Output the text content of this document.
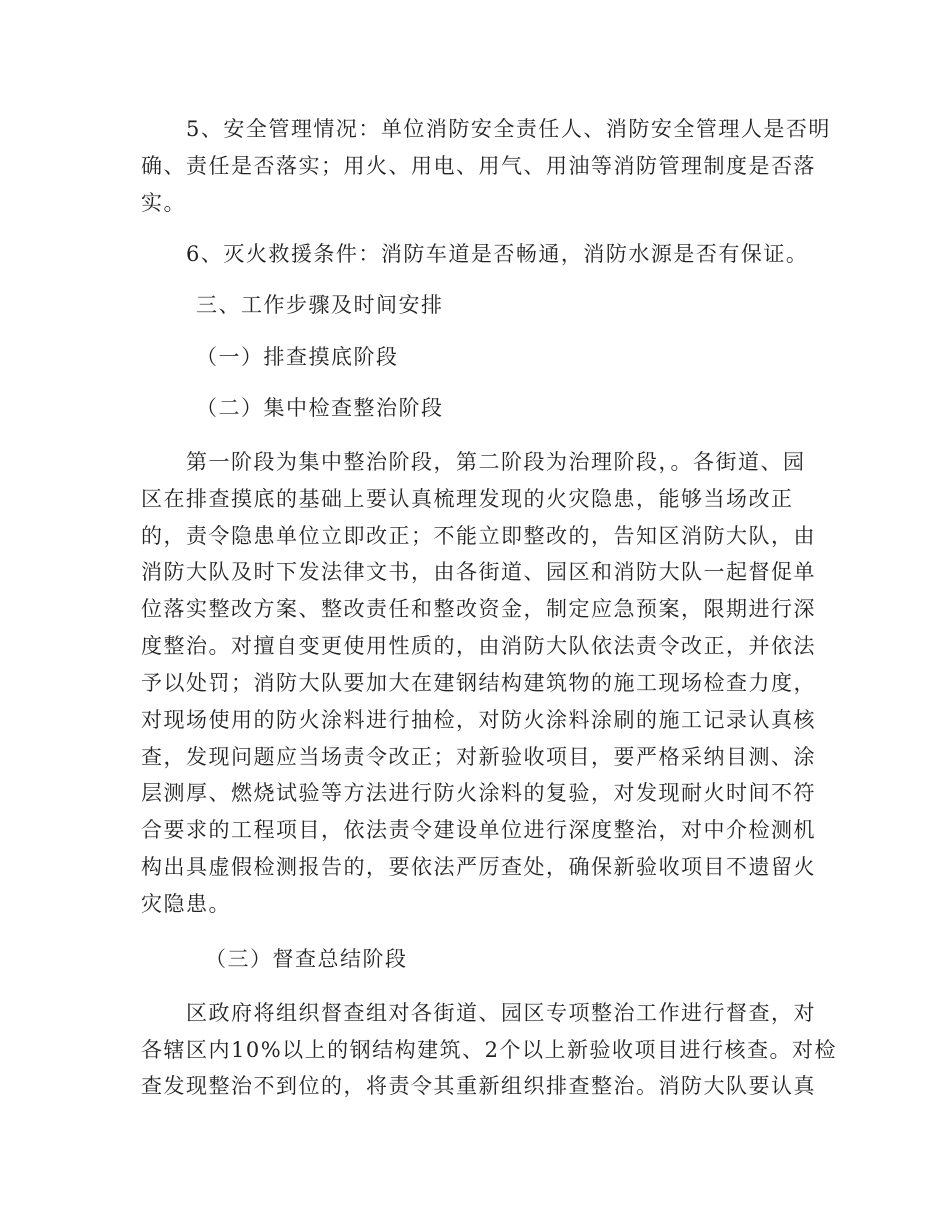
5、安全管理情况：单位消防安全责任人、消防安全管理人是否明
确、责任是否落实；用火、用电、用气、用油等消防管理制度是否落
实。
6、灭火救援条件：消防车道是否畅通，消防水源是否有保证。
三、工作步骤及时间安排
（一）排查摸底阶段
（二）集中检查整治阶段
第一阶段为集中整治阶段，第二阶段为治理阶段，。各街道、园
区在排查摸底的基础上要认真梳理发现的火灾隐患，能够当场改正
的，责令隐患单位立即改正；不能立即整改的，告知区消防大队，由
消防大队及时下发法律文书，由各街道、园区和消防大队一起督促单
位落实整改方案、整改责任和整改资金，制定应急预案，限期进行深
度整治。对擅自变更使用性质的，由消防大队依法责令改正，并依法
予以处罚；消防大队要加大在建钢结构建筑物的施工现场检查力度，
对现场使用的防火涂料进行抽检，对防火涂料涂刷的施工记录认真核
查，发现问题应当场责令改正；对新验收项目，要严格采纳目测、涂
层测厚、燃烧试验等方法进行防火涂料的复验，对发现耐火时间不符
合要求的工程项目，依法责令建设单位进行深度整治，对中介检测机
构出具虚假检测报告的，要依法严厉查处，确保新验收项目不遗留火
灾隐患。
（三）督查总结阶段
区政府将组织督查组对各街道、园区专项整治工作进行督查，对
各辖区内10%以上的钢结构建筑、2个以上新验收项目进行核查。对检
查发现整治不到位的，将责令其重新组织排查整治。消防大队要认真
